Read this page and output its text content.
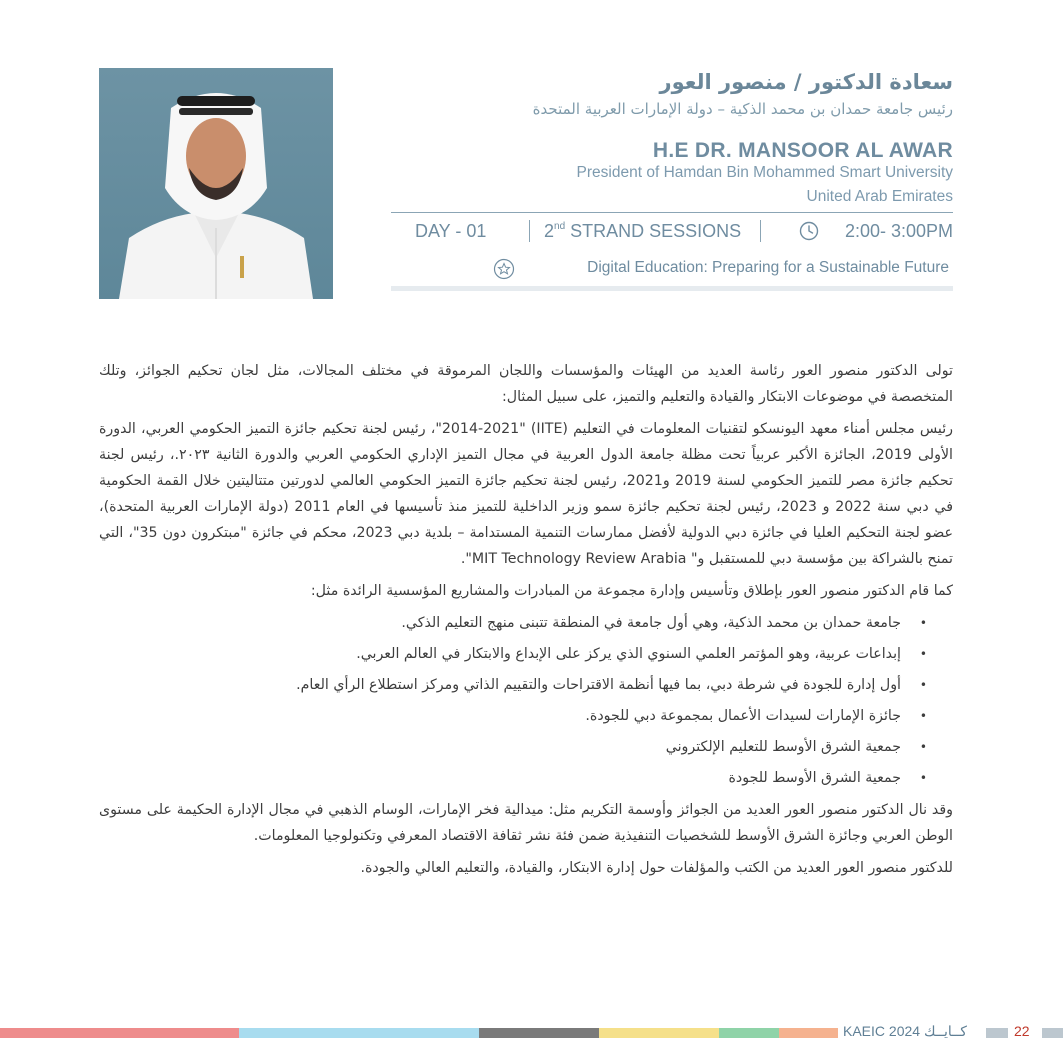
سعادة الدكتور / منصور العور
رئيس جامعة حمدان بن محمد الذكية – دولة الإمارات العربية المتحدة
H.E DR. MANSOOR AL AWAR
President of Hamdan Bin Mohammed Smart University
United Arab Emirates
DAY - 01	2nd STRAND SESSIONS	2:00- 3:00PM
Digital Education: Preparing for a Sustainable Future

تولى الدكتور منصور العور رئاسة العديد من الهيئات والمؤسسات واللجان المرموقة في مختلف المجالات، مثل لجان تحكيم الجوائز، وتلك المتخصصة في موضوعات الابتكار والقيادة والتعليم والتميز، على سبيل المثال:

رئيس مجلس أمناء معهد اليونسكو لتقنيات المعلومات في التعليم (IITE) "2014-2021"، رئيس لجنة تحكيم جائزة التميز الحكومي العربي، الدورة الأولى 2019، الجائزة الأكبر عربياً تحت مظلة جامعة الدول العربية في مجال التميز الإداري الحكومي العربي والدورة الثانية ٢٠٢٣.، رئيس لجنة تحكيم جائزة مصر للتميز الحكومي لسنة 2019 و2021، رئيس لجنة تحكيم جائزة التميز الحكومي العالمي لدورتين متتاليتين خلال القمة الحكومية في دبي سنة 2022 و 2023، رئيس لجنة تحكيم جائزة سمو وزير الداخلية للتميز منذ تأسيسها في العام 2011 (دولة الإمارات العربية المتحدة)، عضو لجنة التحكيم العليا في جائزة دبي الدولية لأفضل ممارسات التنمية المستدامة – بلدية دبي 2023، محكم في جائزة "مبتكرون دون 35"، التي تمنح بالشراكة بين مؤسسة دبي للمستقبل و" MIT Technology Review Arabia".

كما قام الدكتور منصور العور بإطلاق وتأسيس وإدارة مجموعة من المبادرات والمشاريع المؤسسية الرائدة مثل:

•
جامعة حمدان بن محمد الذكية، وهي أول جامعة في المنطقة تتبنى منهج التعليم الذكي.
•
إبداعات عربية، وهو المؤتمر العلمي السنوي الذي يركز على الإبداع والابتكار في العالم العربي.
•
أول إدارة للجودة في شرطة دبي، بما فيها أنظمة الاقتراحات والتقييم الذاتي ومركز استطلاع الرأي العام.
•
جائزة الإمارات لسيدات الأعمال بمجموعة دبي للجودة.
•
جمعية الشرق الأوسط للتعليم الإلكتروني
•
جمعية الشرق الأوسط للجودة

وقد نال الدكتور منصور العور العديد من الجوائز وأوسمة التكريم مثل: ميدالية فخر الإمارات، الوسام الذهبي في مجال الإدارة الحكيمة على مستوى الوطن العربي وجائزة الشرق الأوسط للشخصيات التنفيذية ضمن فئة نشر ثقافة الاقتصاد المعرفي وتكنولوجيا المعلومات.

للدكتور منصور العور العديد من الكتب والمؤلفات حول إدارة الابتكار، والقيادة، والتعليم العالي والجودة.

KAEIC 2024 كــايــك	22
